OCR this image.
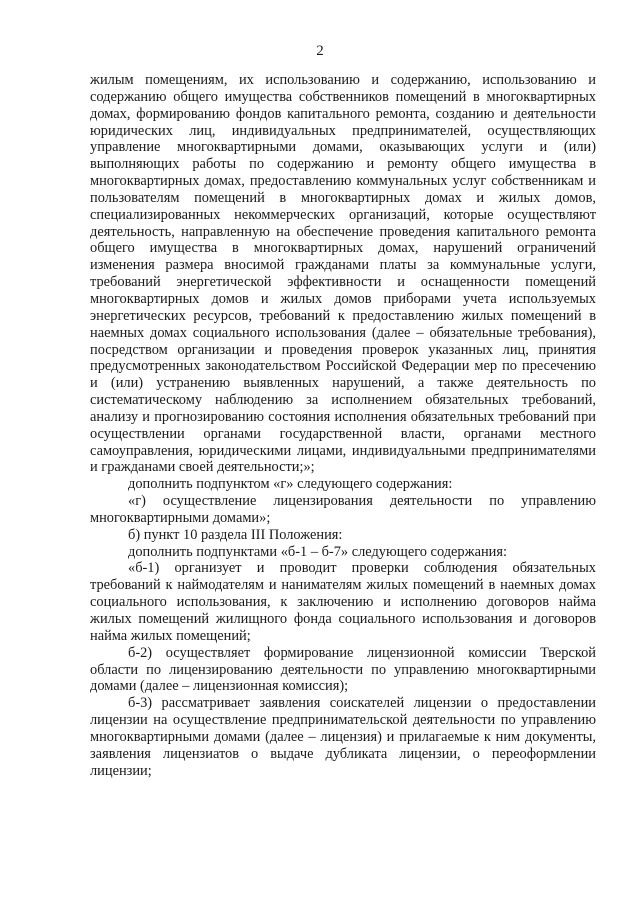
2

жилым помещениям, их использованию и содержанию, использованию и содержанию общего имущества собственников помещений в многоквартирных домах, формированию фондов капитального ремонта, созданию и деятельности юридических лиц, индивидуальных предпринимателей, осуществляющих управление многоквартирными домами, оказывающих услуги и (или) выполняющих работы по содержанию и ремонту общего имущества в многоквартирных домах, предоставлению коммунальных услуг собственникам и пользователям помещений в многоквартирных домах и жилых домов, специализированных некоммерческих организаций, которые осуществляют деятельность, направленную на обеспечение проведения капитального ремонта общего имущества в многоквартирных домах, нарушений ограничений изменения размера вносимой гражданами платы за коммунальные услуги, требований энергетической эффективности и оснащенности помещений многоквартирных домов и жилых домов приборами учета используемых энергетических ресурсов, требований к предоставлению жилых помещений в наемных домах социального использования (далее – обязательные требования), посредством организации и проведения проверок указанных лиц, принятия предусмотренных законодательством Российской Федерации мер по пресечению и (или) устранению выявленных нарушений, а также деятельность по систематическому наблюдению за исполнением обязательных требований, анализу и прогнозированию состояния исполнения обязательных требований при осуществлении органами государственной власти, органами местного самоуправления, юридическими лицами, индивидуальными предпринимателями и гражданами своей деятельности;»;

дополнить подпунктом «г» следующего содержания:

«г) осуществление лицензирования деятельности по управлению многоквартирными домами»;

б) пункт 10 раздела III Положения:

дополнить подпунктами «б-1 – б-7» следующего содержания:

«б-1) организует и проводит проверки соблюдения обязательных требований к наймодателям и нанимателям жилых помещений в наемных домах социального использования, к заключению и исполнению договоров найма жилых помещений жилищного фонда социального использования и договоров найма жилых помещений;

б-2) осуществляет формирование лицензионной комиссии Тверской области по лицензированию деятельности по управлению многоквартирными домами (далее – лицензионная комиссия);

б-3) рассматривает заявления соискателей лицензии о предоставлении лицензии на осуществление предпринимательской деятельности по управлению многоквартирными домами (далее – лицензия) и прилагаемые к ним документы, заявления лицензиатов о выдаче дубликата лицензии, о переоформлении лицензии;
